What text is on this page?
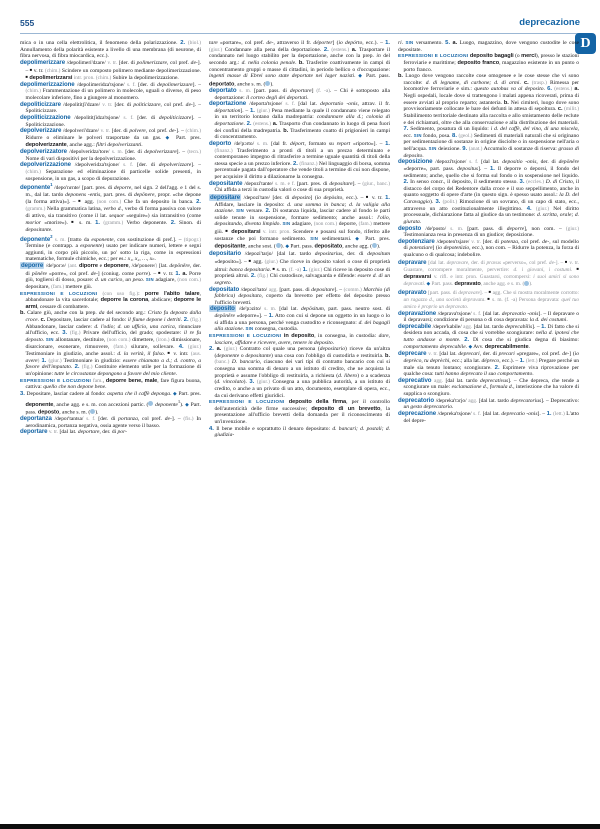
555	deprecazione
D

mica o in una cella elettrolitica, il fenomeno della polarizzazione. 2. (biol.) Annullamento della polarità esistente a livello di una membrana (di neurone, di fibra nervosa, di fibra miocardica, ecc.).

depolimerizzare /depolimeri'dzare/ v. tr. [der. di polimerizzare, col pref. de-]. – ■ v. tr. (chim.) Scindere un composto polimero mediante depolimerizzazione. ■ depolimerizzarsi intr. pron. (chim.) Subire la depolimerizzazione.

depolimerizzazione /depolimeridza'tsjone/ s. f. [der. di depolimerizzare]. – (chim.) Frammentazione di un polimero in molecole, uguali o diverse, di peso molecolare inferiore, fino a giungere al monomero.

depoliticizzare /depolititʃi'dzare/ v. tr. [der. di politicizzare, col pref. de-]. – Spoliticizzare.

depoliticizzazione /depolititʃidza'tsjone/ s. f. [der. di depoliticizzare]. – Spoliticizzazione.

depolverizzare /depolveri'dzare/ v. tr. [der. di polvere, col pref. de-]. – (chim.) Ridurre o eliminare le polveri trasportate da un gas. ◆ Part. pres. depolverizzante, anche agg.: filtri depolverizzanti.

depolverizzatore /depolveridza'tore/ s. m. [der. di depolverizzare]. – (tecn.) Nome di vari dispositivi per la depolverizzazione.

depolverizzazione /depolveridza'tsjone/ s. f. [der. di depolverizzare]. – (chim.) Separazione ed eliminazione di particelle solide presenti, in sospensione, in un gas, a scopo di depurazione.

deponente$^1$ /depo'nɛnte/ [part. pres. di deporre, nel sign. 2 dell'agg. e 1 del s. m., dal lat. tardo deponens -entis, part. pres. di depōnere, propr. «che depone (la forma attiva)»]. – ■ agg. (non com.) Che fa un deposito in banca. 2. (gramm.) Nella grammatica latina, verbo d., verbo di forma passiva con valore di attivo, sia transitivo (come il lat. sequor «seguire») sia intransitivo (come morior «morire»). ■ s. m. 1. (gramm.) Verbo deponente. 2. Sinon. di depositante.

deponente$^2$ s. m. [tratto da esponente, con sostituzione di pref.]. – (tipogr.) Termine (e contrapp. a esponente) usato per indicare numeri, lettere e segni aggiunti, in corpo più piccolo, un po' sotto la riga, come in espressioni matematiche, formule chimiche, ecc.; per es.: x₁, x₂, …, xₙ.

deporre /de'por:e/ (ant. diporre e deponere, /de'ponere/) [lat. depōněre, der. di pōněre «porre», col pref. de-] (coniug. come porre). – ■ v. tr. 1. a. Porre giù, togliersi di dosso, posare: d. un carico, un peso. SIN adagiare, (non com.) depositare, (fam.) mettere giù.

ESPRESSIONI E LOCUZIONI (con uso fig.): porre l'abito talare, abbandonare la vita sacerdotale; deporre la corona, abdicare; deporre le armi, cessare di combattere.

b. Calare giù, anche con la prep. da del secondo arg.: Cristo fu deposto dalla croce. c. Depositare, lasciar cadere al fondo: il fiume depone i detriti. 2. (fig.) Abbandonare, lasciar cadere: d. l'odio; d. un ufficio, una carica, rinunciare all'ufficio, ecc. 3. (fig.) Privare dell'ufficio, del grado; spodestare: il re fu deposto. SIN allontanare, destituire, (non com.) dimettere, (iron.) dimissionare, disarcionare, esonerare, rimuovere, (fam.) silurare, sollevare. 4. (giur.) Testimoniare in giudizio, anche assol.: d. la verità, il falso. ■ v. intr. (aus. avere) 1. (giur.) Testimoniare in giudizio: essere chiamato a d.; d. contro, a favore dell'imputato. 2. (fig.) Costituire elemento utile per la formazione di un'opinione: tutte le circostanze depongono a favore del mio cliente.

ESPRESSIONI E LOCUZIONI fam., deporre bene, male, fare figura buona, cattiva: quello che non depone bene.

3. Depositare, lasciar cadere al fondo: aspetta che il caffè deponga. ◆ Part. pres. deponente, anche agg. e s. m. con accezioni partic. ( deponente$^1$). ◆ Part. pass. deposto, anche s. m. ( ).

deportanza /depor'tantsa/ s. f. [der. di portanza, col pref. de-]. – (fis.) In aerodinamica, portanza negativa, ossia agente verso il basso.

deportare v. tr. [dal lat. deportare, der. di por-

tare «portare», col pref. de-, attraverso il fr. déporter] (io depórto, ecc.). – 1. (giur.) Condannare alla pena della deportazione. 2. (estens.) a. Trasportare il condannato nel luogo stabilito per la deportazione, anche con la prep. in del secondo arg.: d. nella colonia penale. b. Trasferire coattivamente in campi di concentramento gruppi o masse di cittadini, in periodo bellico o d'occupazione: ingenti masse di Ebrei sono state deportate nei lager nazisti. ◆ Part. pass. deportato, anche s. m. ( ).

deportato s. m. [part. pass. di deportare] (f. -a). – Chi è sottoposto alla deportazione: il corteo degli dei deportati.

deportazione /deporta'tsjone/ s. f. [dal lat. deportatio -onis, attrav. il fr. déportation]. – 1. (giur.) Pena mediante la quale il condannato viene relegato in un territorio lontano dalla madrepatria: condannare alla d.; colonia di deportazione. 2. (estens.) a. Trasporto d'un condannato in luogo di pena fuori dei confini della madrepatria. b. Trasferimento coatto di prigionieri in campi di concentramento.

deporto /de'pɔrto/ s. m. [dal fr. déport, formato su report «riporto»]. – 1. (finanz.) Trasferimento a pronti di titoli a un prezzo determinato e contemporaneo impegno di ritrasferire a termine uguale quantità di titoli della stessa specie a un prezzo inferiore. 2. (finanz.) Nel linguaggio di borsa, somma percentuale pagata dall'operatore che vende titoli a termine di cui non dispone, per acquisire il diritto a dilazionarne la consegna.

depositante /depozi'tante/ s. m. e f. [part. pres. di depositare]. – (giur., banc.) Chi affida a terzi in custodia valori o cose di sua proprietà.

depositare /depozi'tare/ [der. di deposito] (io depòsito, ecc.). – ■ v. tr. 1. Affidare, lasciare in deposito: d. una somma in banca; d. la valigia alla stazione. SIN versare. 2. Di sostanza liquida, lasciar cadere al fondo le parti solide tenute in sospensione, formare sedimento; anche assol.: l'olio, depositando, diventa limpido. SIN adagiare, (non com.) deporre, (fam.) mettere giù. ■ depositarsi v. intr. pron. Scendere e posarsi sul fondo, riferito alle sostanze che poi formano sedimento. SIN sedimentarsi. ◆ Part. pres. depositante, anche sost. ( ). ◆ Part. pass. depositato, anche agg. ( ).

depositario /depozi'tarjo/ [dal lat. tardo depositarius, der. di depositum «deposito»]. – ■ agg. (giur.) Che riceve in deposito valori o cose di proprietà altrui: banca depositaria. ■ s. m. (f. -a) 1. (giur.) Chi riceve in deposito cose di proprietà altrui. 2. (fig.) Chi custodisce, salvaguarda e difende: essere d. di un segreto.

depositato /depozi'tato/ agg. [part. pass. di depositare]. – (comm.) Marchio (di fabbrica) depositato, coperto da brevetto per effetto del deposito presso l'ufficio brevetti.

deposito /de'pɔzito/ s. m. [dal lat. depōsitum, part. pass. neutro sost. di depōněre «deporre»]. – 1. Atto con cui si depone un oggetto in un luogo o lo si affida a una persona, perché venga custodito e riconsegnato: d. dei bagagli alla stazione. SIN consegna, custodia.

ESPRESSIONI E LOCUZIONI in deposito, in consegna, in custodia: dare, lasciare, affidare e ricevere, avere, tenere in deposito.

2. a. (giur.) Contratto col quale una persona (depositario) riceve da un'altra (deponente o depositante) una cosa con l'obbligo di custodirla e restituirla. b. (banc.) D. bancario, ciascuno dei vari tipi di contratto bancario con cui si consegna una somma di denaro a un istituto di credito, che ne acquista la proprietà e assume l'obbligo di restituirla, a richiesta (d. libero) o a scadenza (d. vincolato). 3. (giur.) Consegna a una pubblica autorità, a un istituto di credito, o anche a un privato di un atto, documento, esemplare di opera, ecc., da cui derivano effetti giuridici.

ESPRESSIONI E LOCUZIONI deposito della firma, per il controllo dell'autenticità delle firme successive; deposito di un brevetto, la presentazione all'ufficio brevetti della domanda per il riconoscimento di un'invenzione.

4. Il bene mobile e soprattutto il denaro depositato: d. bancari; d. postali; d. giudizia-

ri. SIN versamento. 5. a. Luogo, magazzino, dove vengono custodite le cose depositate.

ESPRESSIONI E LOCUZIONI deposito bagagli (o merci), presso le stazioni ferroviarie e marittime; deposito franco, magazzino esistente in un punto o porto franco.

b. Luogo dove vengono raccolte cose omogenee e le cose stesse che vi sono raccolte: d. di legname, di carbone; d. di armi. c. (trasp.) Rimessa per locomotive ferroviarie e sim.: questo autobus va al deposito. 6. (estens.) a. Negli ospedali, locale dove si trattengono i malati appena ricoverati, prima di essere avviati al proprio reparto; astanteria. b. Nei cimiteri, luogo dove sono provvisoriamente collocate le bare dei defunti in attesa di sepoltura. c. (milit.) Stabilimento territoriale destinato alla raccolta e allo smistamento delle reclute e dei richiamati, oltre che alla conservazione e alla distribuzione dei materiali. 7. Sedimento, posatura di un liquido: i d. del caffè, del vino, di una miscela, ecc. SIN fondo, posa. 8. (geol.) Sedimenti di materiali naturali che si originano per sedimentazione di sostanze in origine disciolte o in sospensione nell'aria o nell'acqua. SIN deiezione. 9. (anat.) Accumulo di sostanze di riserva: grasso di deposito.

deposizione /depozi'tsjone/ s. f. [dal lat. depositio -onis, der. di depōněre «deporre», part. pass. depositus]. – 1. Il deporre o deporsi, il fondo del sedimento; anche, quello che si forma sul fondo o in sospensione nel liquido. 2. In senso concr., il deposito, il sedimento stesso. 3. (eccles.) D. di Cristo, il distacco del corpo del Redentore dalla croce e il suo seppellimento, anche in quanto soggetto di opere d'arte (in questo sign. è spesso usato assol.: la D. del Caravaggio). 3. (polit.) Rimozione di un sovrano, di un capo di stato, ecc., attraverso un atto costituzionalmente illegittimo. 4. (giur.) Nel diritto processuale, dichiarazione fatta al giudice da un testimone: d. scritta, orale; d. giurata.

deposto /de'posto/ s. m. [part. pass. di deporre], non com. – (giur.) Testimonianza resa in presenza di un giudice; deposizione.

depotenziare /depoten'tsjare/ v. tr. [der. di potenza, col pref. de-, sul modello di potenziare] (io depotenìzio, ecc.), non com. – Ridurre la potenza, la forza di qualcuno o di qualcosa; indebolire.

depravare [dal lat. depravare, der. di pravus «perverso», col pref. de-]. – ■ v. tr. Guastare, corrompere moralmente, pervertire: d. i giovani, i costumi. ■ depravarsi v. rifl. e intr. pron. Guastarsi, corrompersi: i suoi amici si sono depravati. ◆ Part. pass. depravato, anche agg. e s. m. ( ).

depravato [part. pass. di depravare]. – ■ agg. Che si mostra moralmente corrotto: un ragazzo d., una società depravata. ■ s. m. (f. -a) Persona depravata: quel tuo amico è proprio un depravato.

depravazione /deprava'tsjone/ s. f. [dal lat. depravatio -onis]. – Il depravare o il depravarsi; condizione di persona o di cosa depravata: la d. dei costumi.

deprecabile /depre'kabile/ agg. [dal lat. tardo deprecabĭlis]. – 1. Di fatto che si desidera non accada, di cosa che si vorrebbe scongiurare: nella d. ipotesi che tutto andasse a monte. 2. Di cosa che si giudica degna di biasimo: comportamento deprecabile. ◆ Avv. deprecabilmente.

deprecare v. tr. [dal lat. deprecari, der. di precari «pregare», col pref. de-] (io deprèco, tu deprèchi, ecc.; alla lat. dépreco, ecc.). – 1. (lett.) Pregare perché un male sia tenuto lontano; scongiurare. 2. Esprimere viva riprovazione per qualche cosa: tutti hanno deprecato il suo comportamento.

deprecativo agg. [dal lat. tardo deprecativus]. – Che depreca, che tende a scongiurare un male: esclamazione d., formula d., interiezione che ha valore di supplica o scongiuro.

deprecatorio /depreka'tɔrjo/ agg. [dal lat. tardo deprecatorius]. – Deprecativo: un gesto deprecatorio.

deprecazione /depreka'tsjone/ s. f. [dal lat. deprecatio -onis]. – 1. (lett.) L'atto del depre-
